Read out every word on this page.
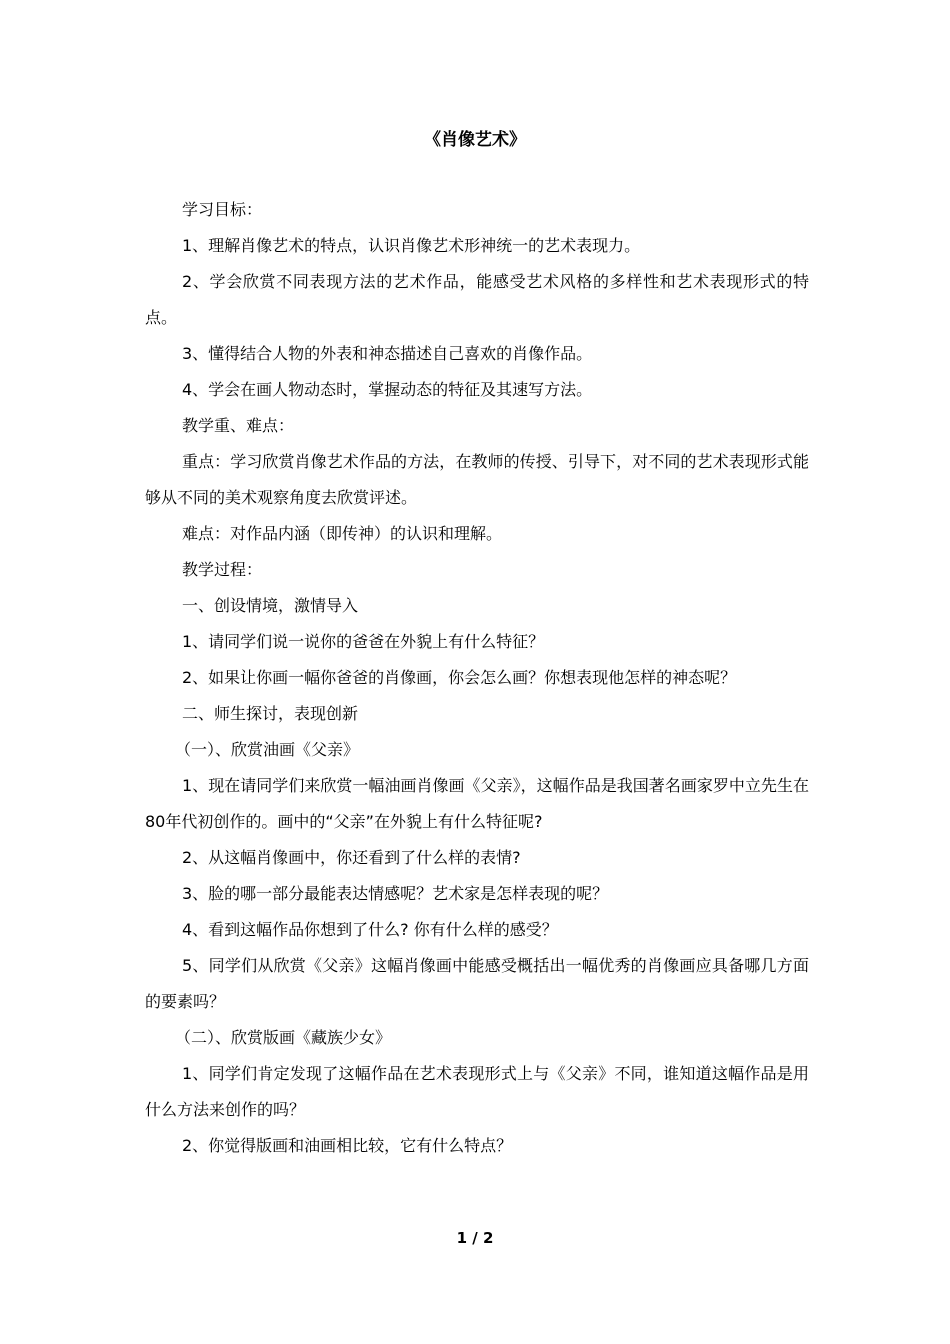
《肖像艺术》

学习目标：

1、理解肖像艺术的特点，认识肖像艺术形神统一的艺术表现力。

2、学会欣赏不同表现方法的艺术作品，能感受艺术风格的多样性和艺术表现形式的特点。

3、懂得结合人物的外表和神态描述自己喜欢的肖像作品。

4、学会在画人物动态时，掌握动态的特征及其速写方法。

教学重、难点：

重点：学习欣赏肖像艺术作品的方法，在教师的传授、引导下，对不同的艺术表现形式能够从不同的美术观察角度去欣赏评述。

难点：对作品内涵（即传神）的认识和理解。

教学过程：

一、创设情境，激情导入

1、请同学们说一说你的爸爸在外貌上有什么特征？

2、如果让你画一幅你爸爸的肖像画，你会怎么画？你想表现他怎样的神态呢？

二、师生探讨，表现创新

（一）、欣赏油画《父亲》

1、现在请同学们来欣赏一幅油画肖像画《父亲》，这幅作品是我国著名画家罗中立先生在80年代初创作的。画中的“父亲”在外貌上有什么特征呢?

2、从这幅肖像画中，你还看到了什么样的表情?

3、脸的哪一部分最能表达情感呢？艺术家是怎样表现的呢？

4、看到这幅作品你想到了什么? 你有什么样的感受？

5、同学们从欣赏《父亲》这幅肖像画中能感受概括出一幅优秀的肖像画应具备哪几方面的要素吗？

（二）、欣赏版画《藏族少女》

1、同学们肯定发现了这幅作品在艺术表现形式上与《父亲》不同，谁知道这幅作品是用什么方法来创作的吗？

2、你觉得版画和油画相比较，它有什么特点？

1 / 2
